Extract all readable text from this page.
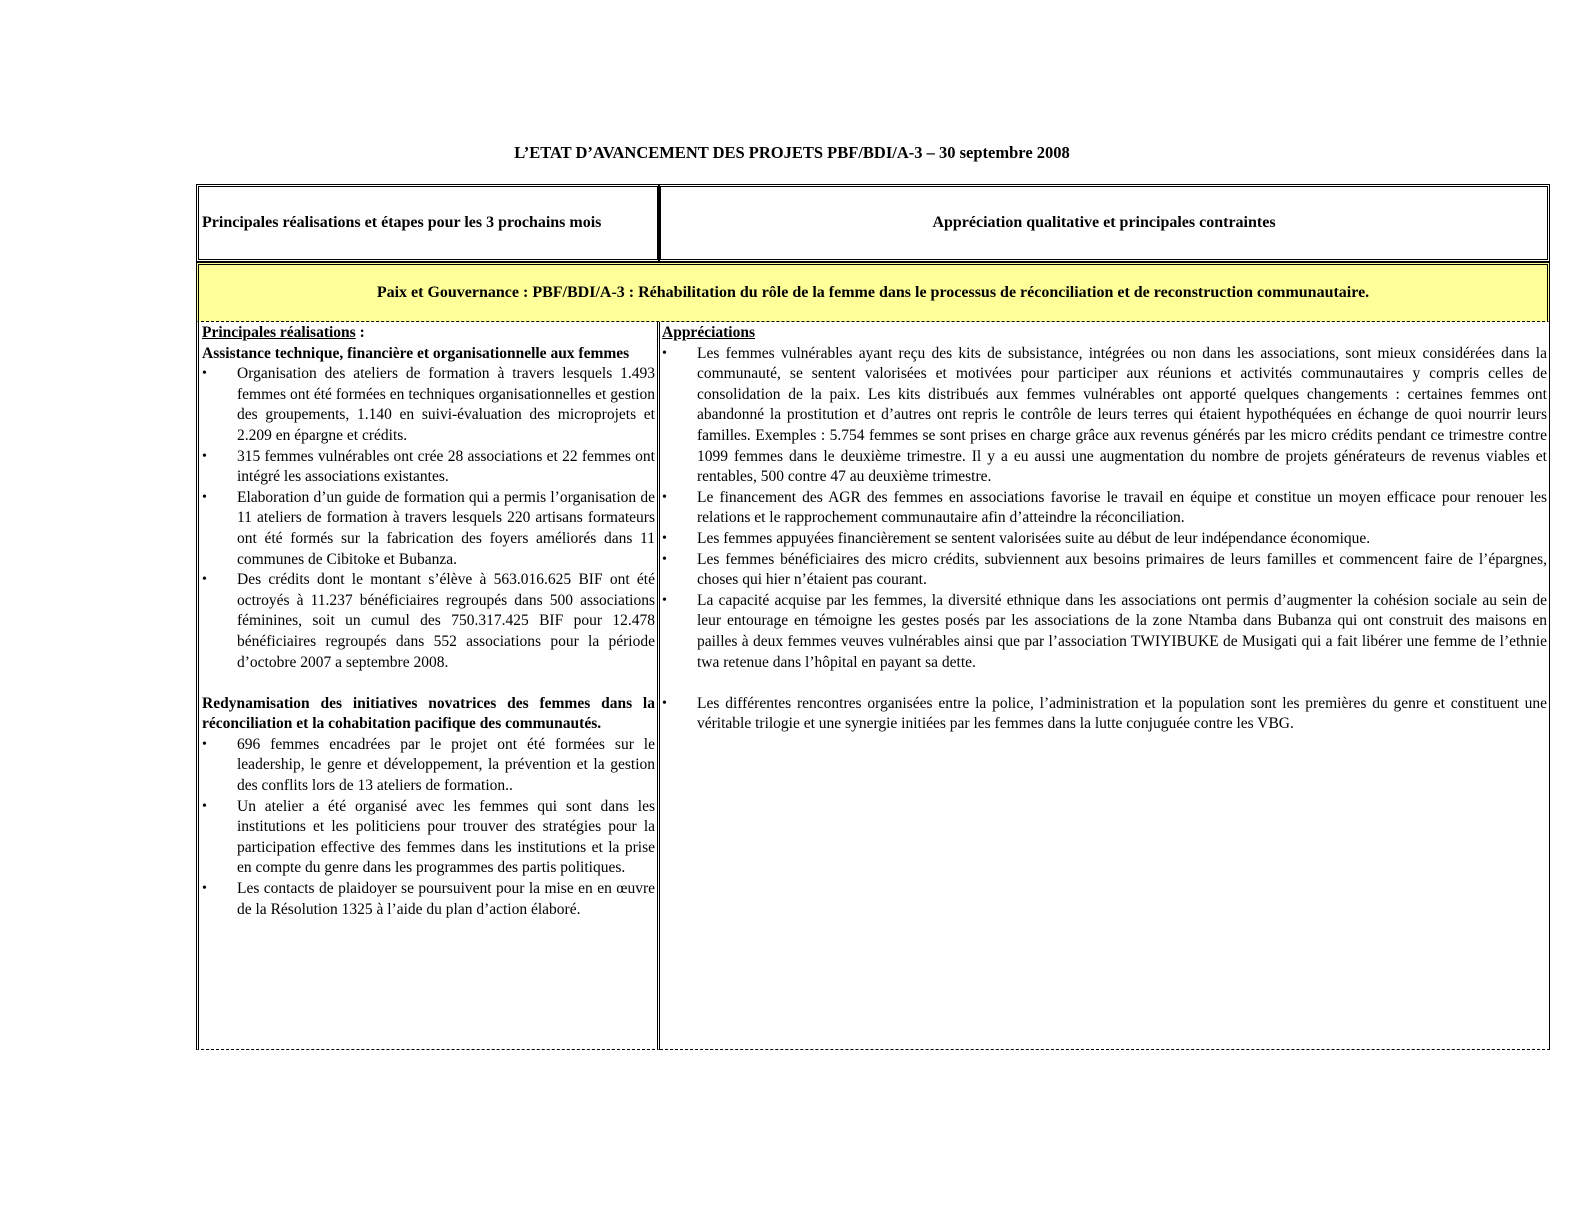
L’ETAT D’AVANCEMENT DES PROJETS PBF/BDI/A-3 – 30 septembre 2008
Principales réalisations et étapes pour les 3 prochains mois	Appréciation qualitative et principales contraintes
Paix et Gouvernance : PBF/BDI/A-3 : Réhabilitation du rôle de la femme dans le processus de réconciliation et de reconstruction communautaire.
Principales réalisations :
Assistance technique, financière et organisationnelle aux femmes
• Organisation des ateliers de formation à travers lesquels 1.493 femmes ont été formées en techniques organisationnelles et gestion des groupements, 1.140 en suivi-évaluation des microprojets et 2.209 en épargne et crédits.
• 315 femmes vulnérables ont crée 28 associations et 22 femmes ont intégré les associations existantes.
• Elaboration d’un guide de formation qui a permis l’organisation de 11 ateliers de formation à travers lesquels 220 artisans formateurs ont été formés sur la fabrication des foyers améliorés dans 11 communes de Cibitoke et Bubanza.
• Des crédits dont le montant s’élève à 563.016.625 BIF ont été octroyés à 11.237 bénéficiaires regroupés dans 500 associations féminines, soit un cumul des 750.317.425 BIF pour 12.478 bénéficiaires regroupés dans 552 associations pour la période d’octobre 2007 a septembre 2008.
Redynamisation des initiatives novatrices des femmes dans la réconciliation et la cohabitation pacifique des communautés.
• 696 femmes encadrées par le projet ont été formées sur le leadership, le genre et développement, la prévention et la gestion des conflits lors de 13 ateliers de formation..
• Un atelier a été organisé avec les femmes qui sont dans les institutions et les politiciens pour trouver des stratégies pour la participation effective des femmes dans les institutions et la prise en compte du genre dans les programmes des partis politiques.
• Les contacts de plaidoyer se poursuivent pour la mise en en œuvre de la Résolution 1325 à l’aide du plan d’action élaboré.
Appréciations
• Les femmes vulnérables ayant reçu des kits de subsistance, intégrées ou non dans les associations, sont mieux considérées dans la communauté, se sentent valorisées et motivées pour participer aux réunions et activités communautaires y compris celles de consolidation de la paix. Les kits distribués aux femmes vulnérables ont apporté quelques changements : certaines femmes ont abandonné la prostitution et d’autres ont repris le contrôle de leurs terres qui étaient hypothéquées en échange de quoi nourrir leurs familles. Exemples : 5.754 femmes se sont prises en charge grâce aux revenus générés par les micro crédits pendant ce trimestre contre 1099 femmes dans le deuxième trimestre. Il y a eu aussi une augmentation du nombre de projets générateurs de revenus viables et rentables, 500 contre 47 au deuxième trimestre.
• Le financement des AGR des femmes en associations favorise le travail en équipe et constitue un moyen efficace pour renouer les relations et le rapprochement communautaire afin d’atteindre la réconciliation.
• Les femmes appuyées financièrement se sentent valorisées suite au début de leur indépendance économique.
• Les femmes bénéficiaires des micro crédits, subviennent aux besoins primaires de leurs familles et commencent faire de l’épargnes, choses qui hier n’étaient pas courant.
• La capacité acquise par les femmes, la diversité ethnique dans les associations ont permis d’augmenter la cohésion sociale au sein de leur entourage en témoigne les gestes posés par les associations de la zone Ntamba dans Bubanza qui ont construit des maisons en pailles à deux femmes veuves vulnérables ainsi que par l’association TWIYIBUKE de Musigati qui a fait libérer une femme de l’ethnie twa retenue dans l’hôpital en payant sa dette.
• Les différentes rencontres organisées entre la police, l’administration et la population sont les premières du genre et constituent une véritable trilogie et une synergie initiées par les femmes dans la lutte conjuguée contre les VBG.
